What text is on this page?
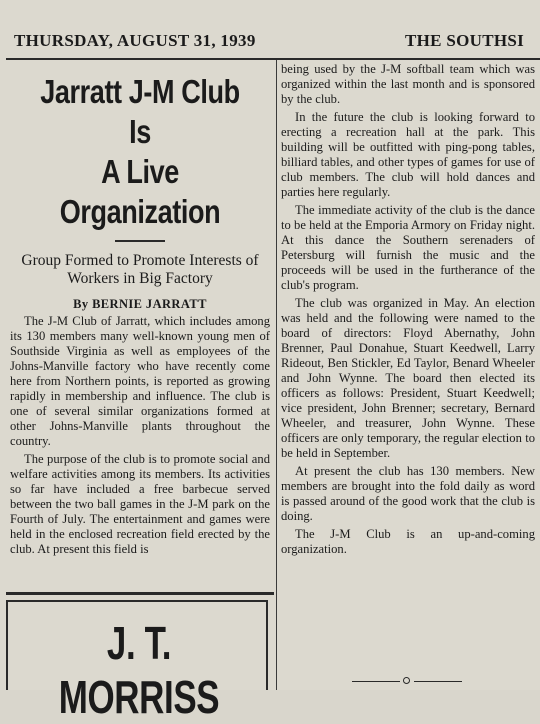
THURSDAY, AUGUST 31, 1939	THE SOUTHSI
Jarratt J-M Club Is
A Live Organization
Group Formed to Promote Interests of Workers in Big Factory
By BERNIE JARRATT

The J-M Club of Jarratt, which includes among its 130 members many well-known young men of Southside Virginia as well as employees of the Johns-Manville factory who have recently come here from Northern points, is reported as growing rapidly in membership and influence. The club is one of several similar organizations formed at other Johns-Manville plants throughout the country.

The purpose of the club is to promote social and welfare activities among its members. Its activities so far have included a free barbecue served between the two ball games in the J-M park on the Fourth of July. The entertainment and games were held in the enclosed recreation field erected by the club. At present this field is

being used by the J-M softball team which was organized within the last month and is sponsored by the club.

In the future the club is looking forward to erecting a recreation hall at the park. This building will be outfitted with ping-pong tables, billiard tables, and other types of games for use of club members. The club will hold dances and parties here regularly.

The immediate activity of the club is the dance to be held at the Emporia Armory on Friday night. At this dance the Southern serenaders of Petersburg will furnish the music and the proceeds will be used in the furtherance of the club's program.

The club was organized in May. An election was held and the following were named to the board of directors: Floyd Abernathy, John Brenner, Paul Donahue, Stuart Keedwell, Larry Rideout, Ben Stickler, Ed Taylor, Benard Wheeler and John Wynne. The board then elected its officers as follows: President, Stuart Keedwell; vice president, John Brenner; secretary, Bernard Wheeler, and treasurer, John Wynne. These officers are only temporary, the regular election to be held in September.

At present the club has 130 members. New members are brought into the fold daily as word is passed around of the good work that the club is doing.

The J-M Club is an up-and-coming organization.

J. T. MORRISS
